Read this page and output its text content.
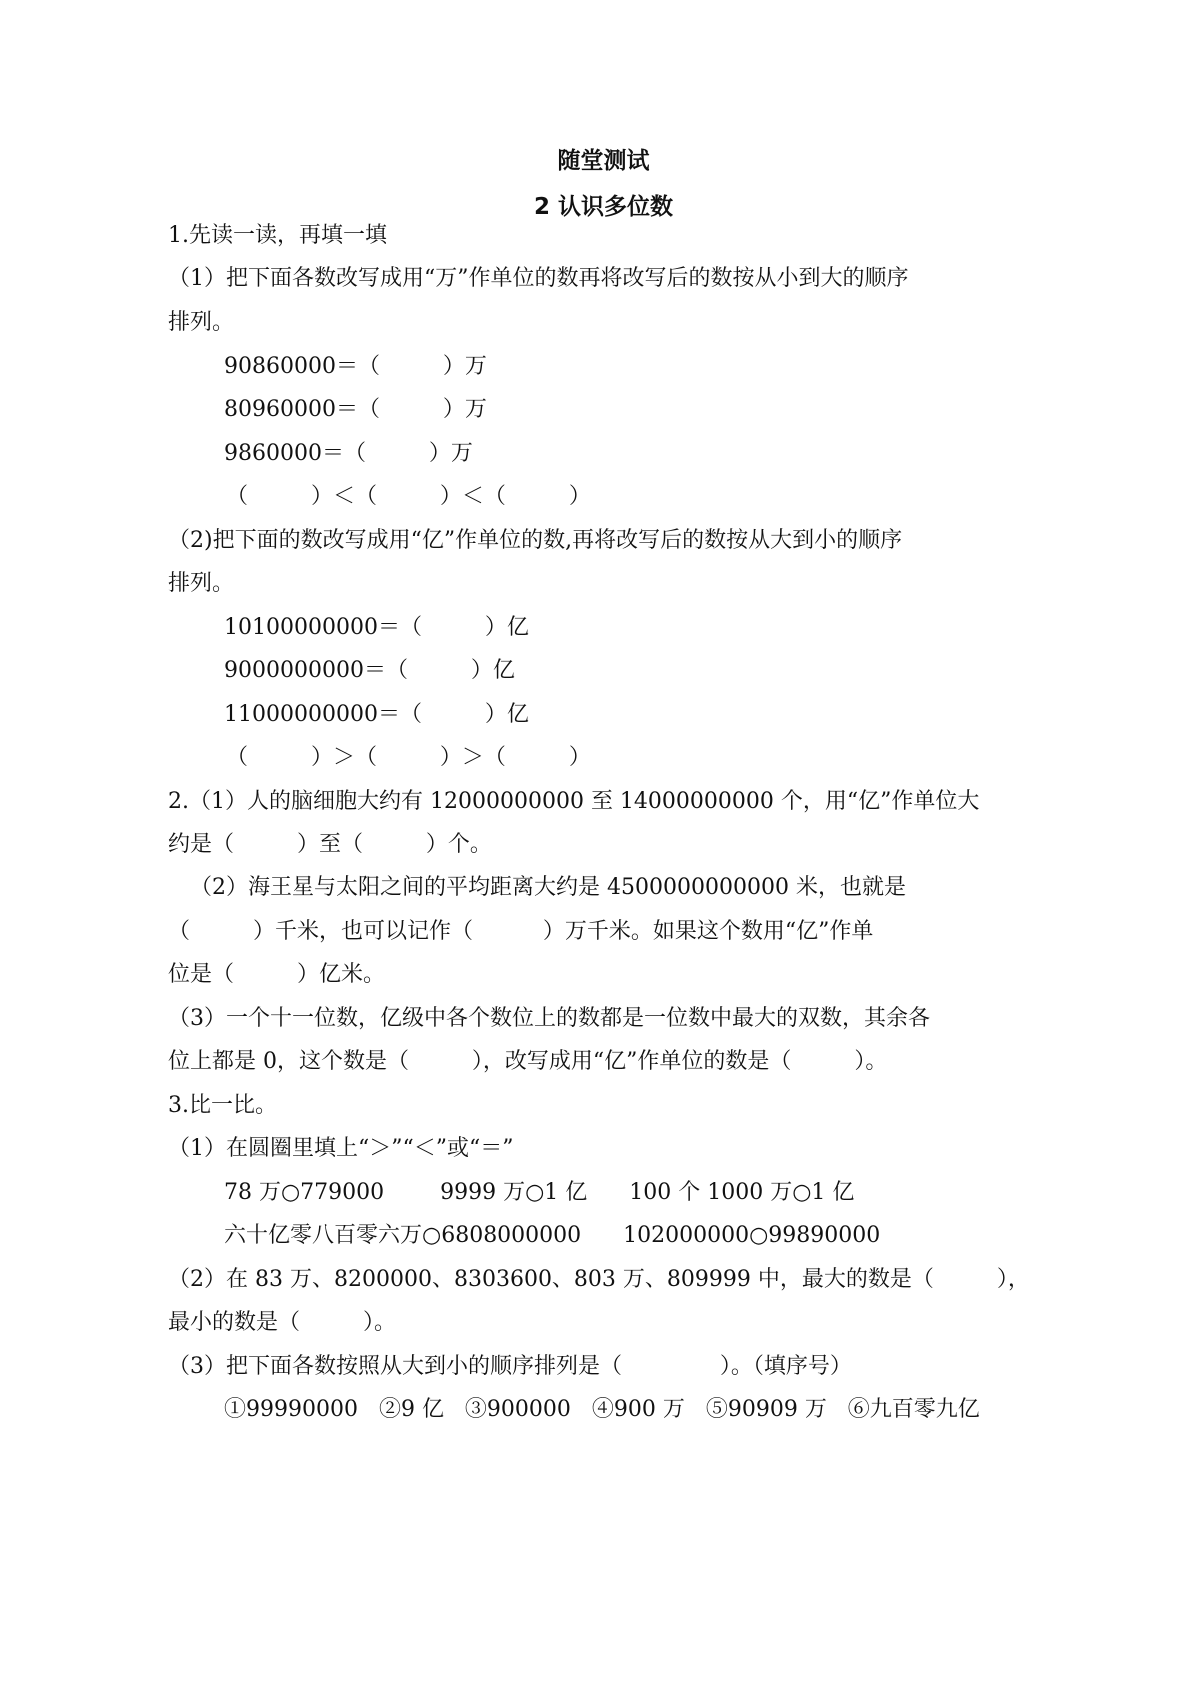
随堂测试
2 认识多位数
1.先读一读，再填一填
（1）把下面各数改写成用“万”作单位的数再将改写后的数按从小到大的顺序
排列。
90860000＝（         ）万
80960000＝（         ）万
9860000＝（         ）万
（         ）＜（         ）＜（         ）
（2)把下面的数改写成用“亿”作单位的数,再将改写后的数按从大到小的顺序
排列。
10100000000＝（         ）亿
9000000000＝（         ）亿
11000000000＝（         ）亿
（         ）＞（         ）＞（         ）
2.（1）人的脑细胞大约有 12000000000 至 14000000000 个，用“亿”作单位大
约是（         ）至（         ）个。
（2）海王星与太阳之间的平均距离大约是 4500000000000 米，也就是
（         ）千米，也可以记作（          ）万千米。如果这个数用“亿”作单
位是（         ）亿米。
（3）一个十一位数，亿级中各个数位上的数都是一位数中最大的双数，其余各
位上都是 0，这个数是（         ），改写成用“亿”作单位的数是（         ）。
3.比一比。
（1）在圆圈里填上“＞”“＜”或“＝”
78 万○779000        9999 万○1 亿      100 个 1000 万○1 亿
六十亿零八百零六万○6808000000      102000000○99890000
（2）在 83 万、8200000、8303600、803 万、809999 中，最大的数是（         ），
最小的数是（         ）。
（3）把下面各数按照从大到小的顺序排列是（              ）。（填序号）
①99990000   ②9 亿   ③900000   ④900 万   ⑤90909 万   ⑥九百零九亿
